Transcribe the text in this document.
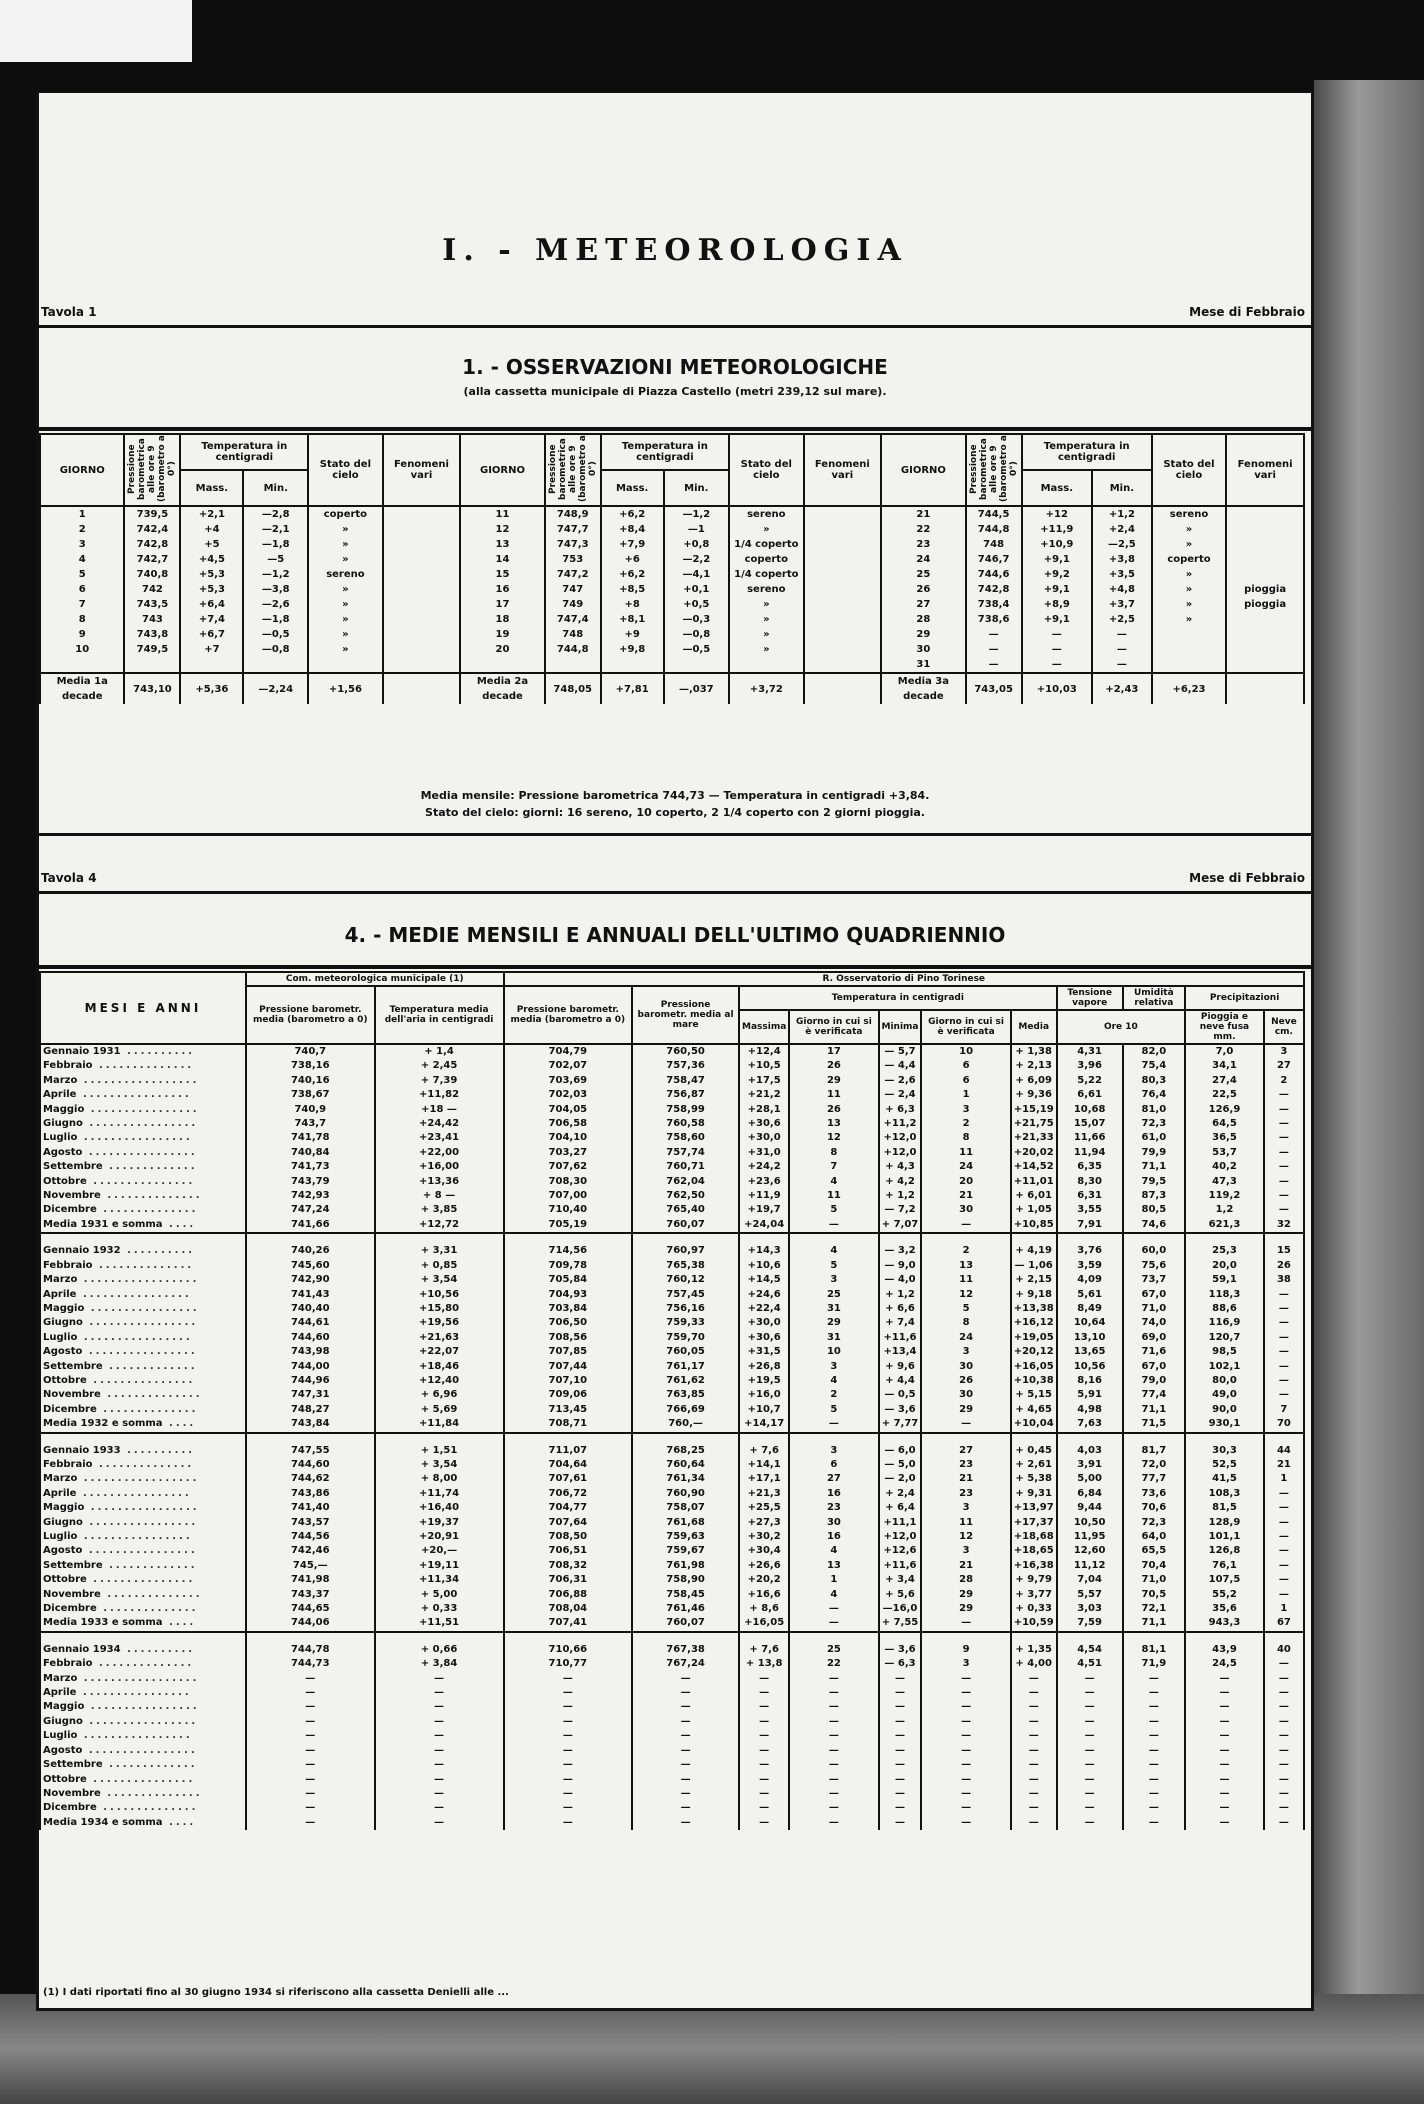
I. - METEOROLOGIA
Tavola 1	Mese di Febbraio
1. - OSSERVAZIONI METEOROLOGICHE
(alla cassetta municipale di Piazza Castello (metri 239,12 sul mare).
GIORNO	Pressione barometrica alle ore 9 (barometro a 0°)	Temperatura in centigradi		Stato del cielo	Fenomeni vari	GIORNO	Pressione barometrica alle ore 9 (barometro a 0°)	Temperatura in centigradi		Stato del cielo	Fenomeni vari	GIORNO	Pressione barometrica alle ore 9 (barometro a 0°)	Temperatura in centigradi		Stato del cielo	Fenomeni vari
		Mass.	Min.					Mass.	Min.					Mass.	Min.		
1	739,5	+2,1	—2,8	coperto		11	748,9	+6,2	—1,2	sereno		21	744,5	+12	+1,2	sereno	
2	742,4	+4	—2,1	»		12	747,7	+8,4	—1	»		22	744,8	+11,9	+2,4	»	
3	742,8	+5	—1,8	»		13	747,3	+7,9	+0,8	1/4 coperto		23	748	+10,9	—2,5	»	
4	742,7	+4,5	—5	»		14	753	+6	—2,2	coperto		24	746,7	+9,1	+3,8	coperto	
5	740,8	+5,3	—1,2	sereno		15	747,2	+6,2	—4,1	1/4 coperto		25	744,6	+9,2	+3,5	»	
6	742	+5,3	—3,8	»		16	747	+8,5	+0,1	sereno		26	742,8	+9,1	+4,8	»	pioggia
7	743,5	+6,4	—2,6	»		17	749	+8	+0,5	»		27	738,4	+8,9	+3,7	»	pioggia
8	743	+7,4	—1,8	»		18	747,4	+8,1	—0,3	»		28	738,6	+9,1	+2,5	»	
9	743,8	+6,7	—0,5	»		19	748	+9	—0,8	»		29	—	—	—		
10	749,5	+7	—0,8	»		20	744,8	+9,8	—0,5	»		30	—	—	—		
												31	—	—	—		
Media 1a decade	743,10	+5,36	—2,24	+1,56		Media 2a decade	748,05	+7,81	—,037	+3,72		Media 3a decade	743,05	+10,03	+2,43	+6,23	
Media mensile: Pressione barometrica 744,73 — Temperatura in centigradi +3,84.
Stato del cielo: giorni: 16 sereno, 10 coperto, 2 1/4 coperto con 2 giorni pioggia.
Tavola 4	Mese di Febbraio
4. - MEDIE MENSILI E ANNUALI DELL'ULTIMO QUADRIENNIO
MESI E ANNI	Com. meteorologica municipale (1)		R. Osservatorio di Pino Torinese										
	Pressione barometr. media (barometro a 0)	Temperatura media dell'aria in centigradi	Pressione barometr. media (barometro a 0)	Pressione barometr. media al mare	Temperatura in centigradi					Tensione vapore	Umidità relativa	Precipitazioni	
					Massima	Giorno in cui si è verificata	Minima	Giorno in cui si è verificata	Media	Ore 10		Pioggia e neve fusa mm.	Neve cm.
Gennaio 1931 ..........	740,7	+ 1,4	704,79	760,50	+12,4	17	— 5,7	10	+ 1,38	4,31	82,0	7,0	3
Febbraio ..............	738,16	+ 2,45	702,07	757,36	+10,5	26	— 4,4	6	+ 2,13	3,96	75,4	34,1	27
Marzo .................	740,16	+ 7,39	703,69	758,47	+17,5	29	— 2,6	6	+ 6,09	5,22	80,3	27,4	2
Aprile ................	738,67	+11,82	702,03	756,87	+21,2	11	— 2,4	1	+ 9,36	6,61	76,4	22,5	—
Maggio ................	740,9	+18 —	704,05	758,99	+28,1	26	+ 6,3	3	+15,19	10,68	81,0	126,9	—
Giugno ................	743,7	+24,42	706,58	760,58	+30,6	13	+11,2	2	+21,75	15,07	72,3	64,5	—
Luglio ................	741,78	+23,41	704,10	758,60	+30,0	12	+12,0	8	+21,33	11,66	61,0	36,5	—
Agosto ................	740,84	+22,00	703,27	757,74	+31,0	8	+12,0	11	+20,02	11,94	79,9	53,7	—
Settembre .............	741,73	+16,00	707,62	760,71	+24,2	7	+ 4,3	24	+14,52	6,35	71,1	40,2	—
Ottobre ...............	743,79	+13,36	708,30	762,04	+23,6	4	+ 4,2	20	+11,01	8,30	79,5	47,3	—
Novembre ..............	742,93	+ 8 —	707,00	762,50	+11,9	11	+ 1,2	21	+ 6,01	6,31	87,3	119,2	—
Dicembre ..............	747,24	+ 3,85	710,40	765,40	+19,7	5	— 7,2	30	+ 1,05	3,55	80,5	1,2	—
Media 1931 e somma ....	741,66	+12,72	705,19	760,07	+24,04	—	+ 7,07	—	+10,85	7,91	74,6	621,3	32

Gennaio 1932 ..........	740,26	+ 3,31	714,56	760,97	+14,3	4	— 3,2	2	+ 4,19	3,76	60,0	25,3	15
Febbraio ..............	745,60	+ 0,85	709,78	765,38	+10,6	5	— 9,0	13	— 1,06	3,59	75,6	20,0	26
Marzo .................	742,90	+ 3,54	705,84	760,12	+14,5	3	— 4,0	11	+ 2,15	4,09	73,7	59,1	38
Aprile ................	741,43	+10,56	704,93	757,45	+24,6	25	+ 1,2	12	+ 9,18	5,61	67,0	118,3	—
Maggio ................	740,40	+15,80	703,84	756,16	+22,4	31	+ 6,6	5	+13,38	8,49	71,0	88,6	—
Giugno ................	744,61	+19,56	706,50	759,33	+30,0	29	+ 7,4	8	+16,12	10,64	74,0	116,9	—
Luglio ................	744,60	+21,63	708,56	759,70	+30,6	31	+11,6	24	+19,05	13,10	69,0	120,7	—
Agosto ................	743,98	+22,07	707,85	760,05	+31,5	10	+13,4	3	+20,12	13,65	71,6	98,5	—
Settembre .............	744,00	+18,46	707,44	761,17	+26,8	3	+ 9,6	30	+16,05	10,56	67,0	102,1	—
Ottobre ...............	744,96	+12,40	707,10	761,62	+19,5	4	+ 4,4	26	+10,38	8,16	79,0	80,0	—
Novembre ..............	747,31	+ 6,96	709,06	763,85	+16,0	2	— 0,5	30	+ 5,15	5,91	77,4	49,0	—
Dicembre ..............	748,27	+ 5,69	713,45	766,69	+10,7	5	— 3,6	29	+ 4,65	4,98	71,1	90,0	7
Media 1932 e somma ....	743,84	+11,84	708,71	760,—	+14,17	—	+ 7,77	—	+10,04	7,63	71,5	930,1	70

Gennaio 1933 ..........	747,55	+ 1,51	711,07	768,25	+ 7,6	3	— 6,0	27	+ 0,45	4,03	81,7	30,3	44
Febbraio ..............	744,60	+ 3,54	704,64	760,64	+14,1	6	— 5,0	23	+ 2,61	3,91	72,0	52,5	21
Marzo .................	744,62	+ 8,00	707,61	761,34	+17,1	27	— 2,0	21	+ 5,38	5,00	77,7	41,5	1
Aprile ................	743,86	+11,74	706,72	760,90	+21,3	16	+ 2,4	23	+ 9,31	6,84	73,6	108,3	—
Maggio ................	741,40	+16,40	704,77	758,07	+25,5	23	+ 6,4	3	+13,97	9,44	70,6	81,5	—
Giugno ................	743,57	+19,37	707,64	761,68	+27,3	30	+11,1	11	+17,37	10,50	72,3	128,9	—
Luglio ................	744,56	+20,91	708,50	759,63	+30,2	16	+12,0	12	+18,68	11,95	64,0	101,1	—
Agosto ................	742,46	+20,—	706,51	759,67	+30,4	4	+12,6	3	+18,65	12,60	65,5	126,8	—
Settembre .............	745,—	+19,11	708,32	761,98	+26,6	13	+11,6	21	+16,38	11,12	70,4	76,1	—
Ottobre ...............	741,98	+11,34	706,31	758,90	+20,2	1	+ 3,4	28	+ 9,79	7,04	71,0	107,5	—
Novembre ..............	743,37	+ 5,00	706,88	758,45	+16,6	4	+ 5,6	29	+ 3,77	5,57	70,5	55,2	—
Dicembre ..............	744,65	+ 0,33	708,04	761,46	+ 8,6	—	—16,0	29	+ 0,33	3,03	72,1	35,6	1
Media 1933 e somma ....	744,06	+11,51	707,41	760,07	+16,05	—	+ 7,55	—	+10,59	7,59	71,1	943,3	67

Gennaio 1934 ..........	744,78	+ 0,66	710,66	767,38	+ 7,6	25	— 3,6	9	+ 1,35	4,54	81,1	43,9	40
Febbraio ..............	744,73	+ 3,84	710,77	767,24	+ 13,8	22	— 6,3	3	+ 4,00	4,51	71,9	24,5	—
Marzo .................	—	—	—	—	—	—	—	—	—	—	—	—	—
Aprile ................	—	—	—	—	—	—	—	—	—	—	—	—	—
Maggio ................	—	—	—	—	—	—	—	—	—	—	—	—	—
Giugno ................	—	—	—	—	—	—	—	—	—	—	—	—	—
Luglio ................	—	—	—	—	—	—	—	—	—	—	—	—	—
Agosto ................	—	—	—	—	—	—	—	—	—	—	—	—	—
Settembre .............	—	—	—	—	—	—	—	—	—	—	—	—	—
Ottobre ...............	—	—	—	—	—	—	—	—	—	—	—	—	—
Novembre ..............	—	—	—	—	—	—	—	—	—	—	—	—	—
Dicembre ..............	—	—	—	—	—	—	—	—	—	—	—	—	—
Media 1934 e somma ....	—	—	—	—	—	—	—	—	—	—	—	—	—
(1) I dati riportati fino al 30 giugno 1934 si riferiscono alla cassetta Denielli alle ...
